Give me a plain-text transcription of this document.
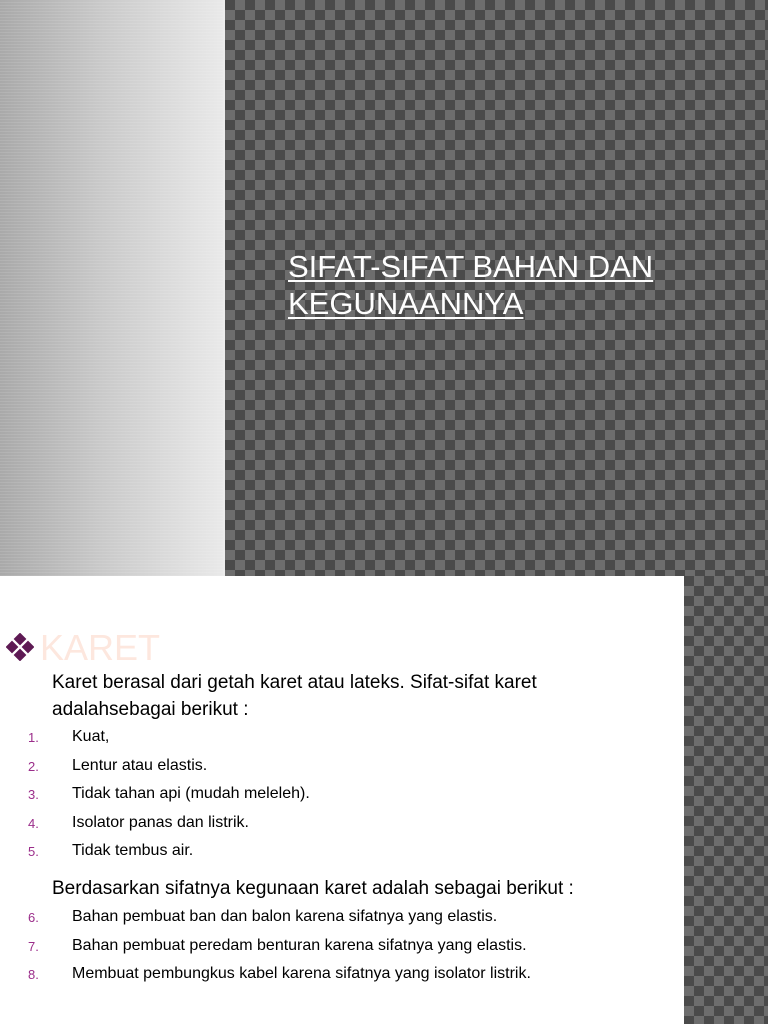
SIFAT-SIFAT BAHAN DAN KEGUNAANNYA
KARET

Karet berasal dari getah karet atau lateks. Sifat-sifat karet adalahsebagai berikut :

1. Kuat,
2. Lentur atau elastis.
3. Tidak tahan api (mudah meleleh).
4. Isolator panas dan listrik.
5. Tidak tembus air.

Berdasarkan sifatnya kegunaan karet adalah sebagai berikut :

6. Bahan pembuat ban dan balon karena sifatnya yang elastis.
7. Bahan pembuat peredam benturan karena sifatnya yang elastis.
8. Membuat pembungkus kabel karena sifatnya yang isolator listrik.
